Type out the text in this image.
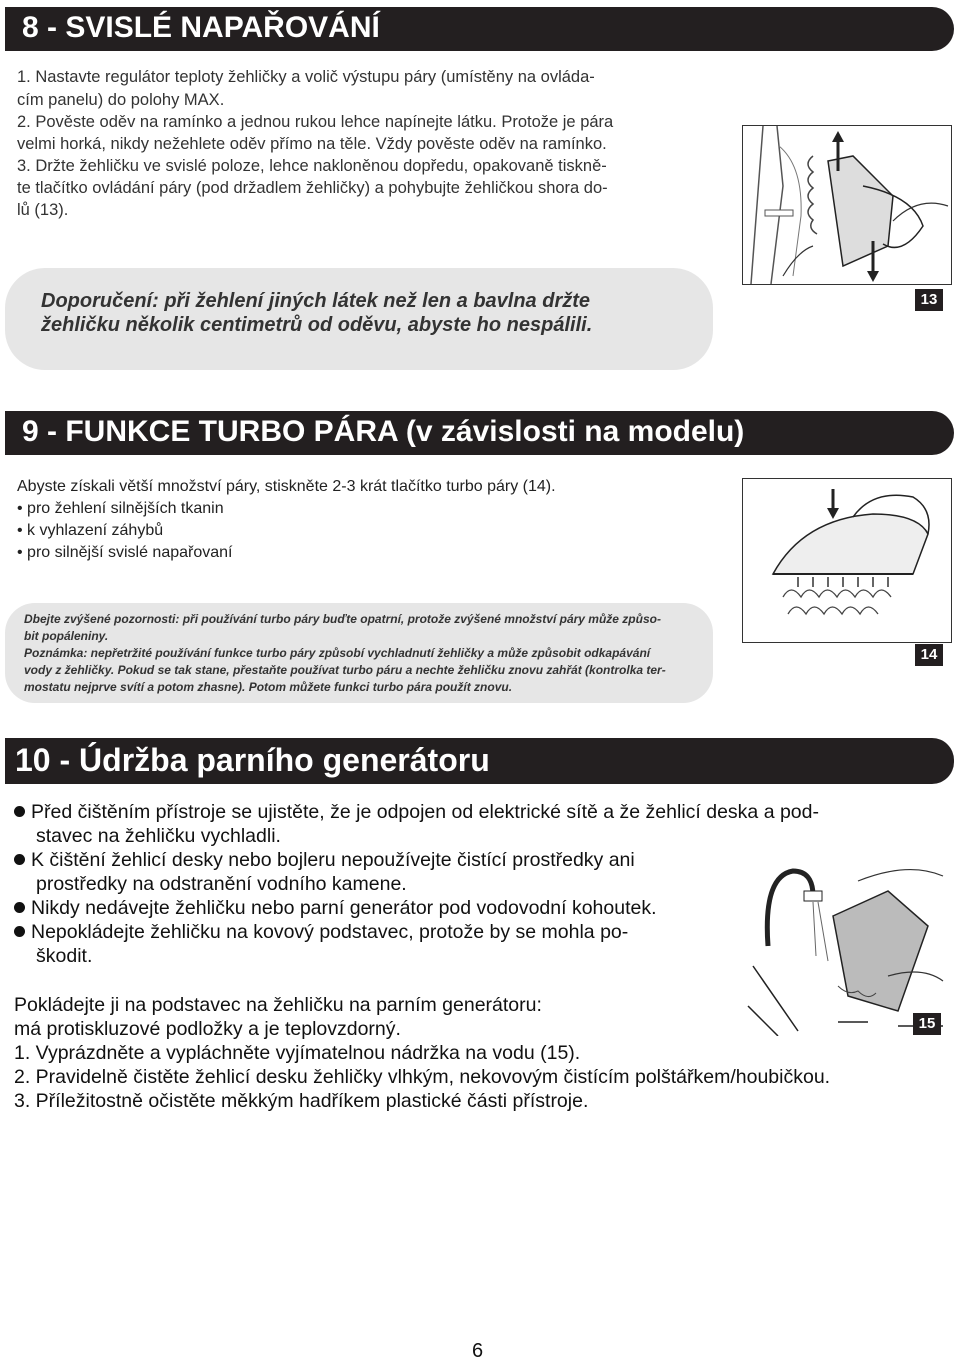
8 - SVISLÉ NAPAŘOVÁNÍ

1. Nastavte regulátor teploty žehličky a volič výstupu páry (umístěny na ovláda-

cím panelu) do polohy MAX.

2. Pověste oděv na ramínko a jednou rukou lehce napínejte látku. Protože je pára

velmi horká, nikdy nežehlete oděv přímo na těle. Vždy pověste oděv na ramínko.

3. Držte žehličku ve svislé poloze, lehce nakloněnou dopředu, opakovaně tiskně-

te tlačítko ovládání páry (pod držadlem žehličky) a pohybujte žehličkou shora do-

lů (13).

Doporučení: při žehlení jiných látek než len a bavlna držte

žehličku několik centimetrů od oděvu, abyste ho nespálili.

13
9 - FUNKCE TURBO PÁRA (v závislosti na modelu)

Abyste získali větší množství páry, stiskněte 2-3 krát tlačítko turbo páry (14).

• pro žehlení silnějších tkanin

• k vyhlazení záhybů

• pro silnější svislé napařovaní

Dbejte zvýšené pozornosti: při používání turbo páry buďte opatrní, protože zvýšené množství páry může způso-
bit popáleniny.
Poznámka: nepřetržité používání funkce turbo páry způsobí vychladnutí žehličky a může způsobit odkapávání
vody z žehličky. Pokud se tak stane, přestaňte používat turbo páru a nechte žehličku znovu zahřát (kontrolka ter-
mostatu nejprve svítí a potom zhasne). Potom můžete funkci turbo pára použít znovu.
14
10 - Údržba parního generátoru

Před čištěním přístroje se ujistěte, že je odpojen od elektrické sítě a že žehlicí deska a pod-

stavec na žehličku vychladli.

K čištění žehlicí desky nebo bojleru nepoužívejte čistící prostředky ani

prostředky na odstranění vodního kamene.

Nikdy nedávejte žehličku nebo parní generátor pod vodovodní kohoutek.

Nepokládejte žehličku na kovový podstavec, protože by se mohla po-

škodit.

Pokládejte ji na podstavec na žehličku na parním generátoru:

má protiskluzové podložky a je teplovzdorný.

1. Vyprázdněte a vypláchněte vyjímatelnou nádržka na vodu (15).

2. Pravidelně čistěte žehlicí desku žehličky vlhkým, nekovovým čistícím polštářkem/houbičkou.

3. Příležitostně očistěte měkkým hadříkem plastické části přístroje.

15

6
